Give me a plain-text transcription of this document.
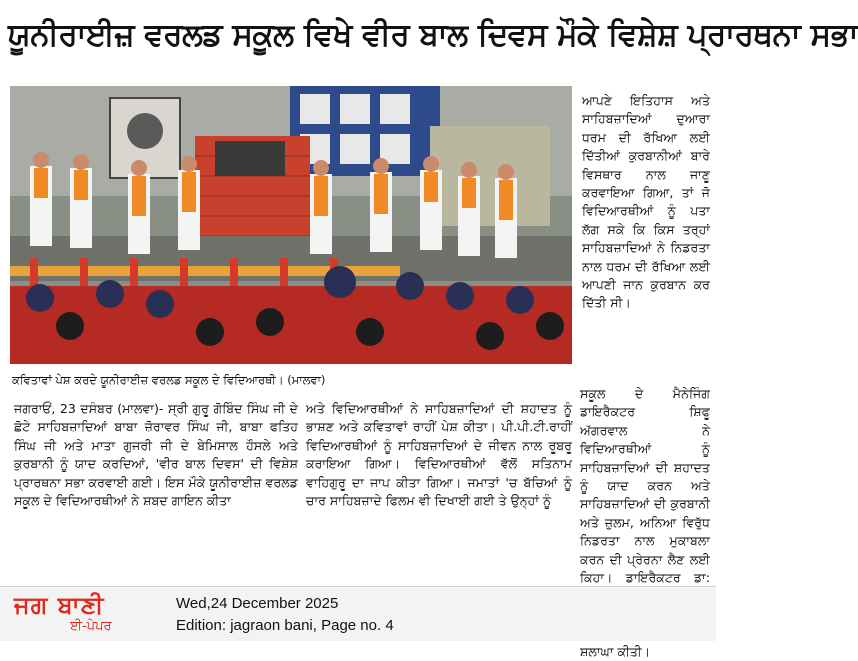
ਯੂਨੀਰਾਈਜ਼ ਵਰਲਡ ਸਕੂਲ ਵਿਖੇ ਵੀਰ ਬਾਲ ਦਿਵਸ ਮੌਕੇ ਵਿਸ਼ੇਸ਼ ਪ੍ਰਾਰਥਨਾ ਸਭਾ
ਕਵਿਤਾਵਾਂ ਪੇਸ਼ ਕਰਦੇ ਯੂਨੀਰਾਈਜ਼ ਵਰਲਡ ਸਕੂਲ ਦੇ ਵਿਦਿਆਰਥੀ। (ਮਾਲਵਾ)

ਆਪਣੇ ਇਤਿਹਾਸ ਅਤੇ ਸਾਹਿਬਜ਼ਾਦਿਆਂ ਦੁਆਰਾ ਧਰਮ ਦੀ ਰੱਖਿਆ ਲਈ ਦਿੱਤੀਆਂ ਕੁਰਬਾਨੀਆਂ ਬਾਰੇ ਵਿਸਥਾਰ ਨਾਲ ਜਾਣੂ ਕਰਵਾਇਆ ਗਿਆ, ਤਾਂ ਜੋ ਵਿਦਿਆਰਥੀਆਂ ਨੂੰ ਪਤਾ ਲੱਗ ਸਕੇ ਕਿ ਕਿਸ ਤਰ੍ਹਾਂ ਸਾਹਿਬਜ਼ਾਦਿਆਂ ਨੇ ਨਿਡਰਤਾ ਨਾਲ ਧਰਮ ਦੀ ਰੱਖਿਆ ਲਈ ਆਪਣੀ ਜਾਨ ਕੁਰਬਾਨ ਕਰ ਦਿੱਤੀ ਸੀ।

ਜਗਰਾਓਂ, 23 ਦਸੰਬਰ (ਮਾਲਵਾ)- ਸ੍ਰੀ ਗੁਰੂ ਗੋਬਿੰਦ ਸਿੰਘ ਜੀ ਦੇ ਛੋਟੇ ਸਾਹਿਬਜ਼ਾਦਿਆਂ ਬਾਬਾ ਜ਼ੋਰਾਵਰ ਸਿੰਘ ਜੀ, ਬਾਬਾ ਫਤਿਹ ਸਿੰਘ ਜੀ ਅਤੇ ਮਾਤਾ ਗੁਜਰੀ ਜੀ ਦੇ ਬੇਮਿਸਾਲ ਹੌਸਲੇ ਅਤੇ ਕੁਰਬਾਨੀ ਨੂੰ ਯਾਦ ਕਰਦਿਆਂ, 'ਵੀਰ ਬਾਲ ਦਿਵਸ' ਦੀ ਵਿਸ਼ੇਸ਼ ਪ੍ਰਾਰਥਨਾ ਸਭਾ ਕਰਵਾਈ ਗਈ। ਇਸ ਮੌਕੇ ਯੂਨੀਰਾਈਜ਼ ਵਰਲਡ ਸਕੂਲ ਦੇ ਵਿਦਿਆਰਥੀਆਂ ਨੇ ਸ਼ਬਦ ਗਾਇਨ ਕੀਤਾ

ਅਤੇ ਵਿਦਿਆਰਥੀਆਂ ਨੇ ਸਾਹਿਬਜ਼ਾਦਿਆਂ ਦੀ ਸ਼ਹਾਦਤ ਨੂੰ ਭਾਸ਼ਣ ਅਤੇ ਕਵਿਤਾਵਾਂ ਰਾਹੀਂ ਪੇਸ਼ ਕੀਤਾ। ਪੀ.ਪੀ.ਟੀ.ਰਾਹੀਂ ਵਿਦਿਆਰਥੀਆਂ ਨੂੰ ਸਾਹਿਬਜ਼ਾਦਿਆਂ ਦੇ ਜੀਵਨ ਨਾਲ ਰੂਬਰੂ ਕਰਾਇਆ ਗਿਆ। ਵਿਦਿਆਰਥੀਆਂ ਵੱਲੋਂ ਸਤਿਨਾਮ ਵਾਹਿਗੁਰੂ ਦਾ ਜਾਪ ਕੀਤਾ ਗਿਆ। ਜਮਾਤਾਂ 'ਚ ਬੱਚਿਆਂ ਨੂੰ ਚਾਰ ਸਾਹਿਬਜ਼ਾਦੇ ਫਿਲਮ ਵੀ ਦਿਖਾਈ ਗਈ ਤੇ ਉਨ੍ਹਾਂ ਨੂੰ

ਸਕੂਲ ਦੇ ਮੈਨੇਜਿੰਗ ਡਾਇਰੈਕਟਰ ਸ਼ਿਫੂ ਅੱਗਰਵਾਲ ਨੇ ਵਿਦਿਆਰਥੀਆਂ ਨੂੰ ਸਾਹਿਬਜ਼ਾਦਿਆਂ ਦੀ ਸ਼ਹਾਦਤ ਨੂੰ ਯਾਦ ਕਰਨ ਅਤੇ ਸਾਹਿਬਜ਼ਾਦਿਆਂ ਦੀ ਕੁਰਬਾਨੀ ਅਤੇ ਜ਼ੁਲਮ, ਅਨਿਆ ਵਿਰੁੱਧ ਨਿਡਰਤਾ ਨਾਲ ਮੁਕਾਬਲਾ ਕਰਨ ਦੀ ਪ੍ਰੇਰਨਾ ਲੈਣ ਲਈ ਕਿਹਾ। ਡਾਇਰੈਕਟਰ ਡਾ: ਸ਼ਲਾਘਾ ਕੀਤੀ।

ਜਗ ਬਾਣੀ
ਈ-ਪੇਪਰ
Wed,24 December 2025
Edition: jagraon bani, Page no. 4
